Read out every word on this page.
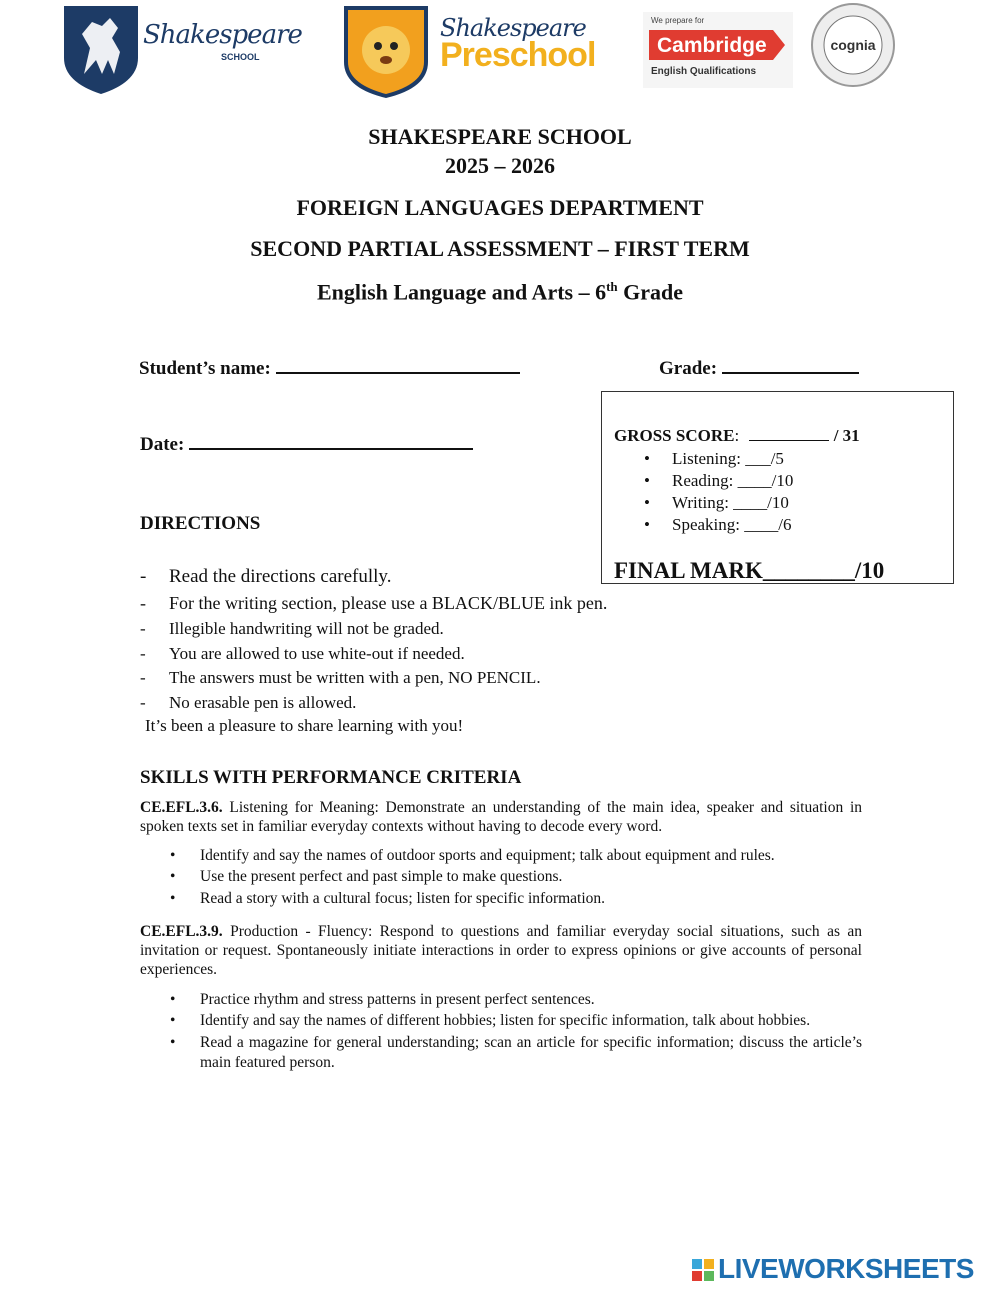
Shakespeare
SCHOOL
Shakespeare
Preschool
We prepare for
Cambridge
English Qualifications
cognia
SHAKESPEARE SCHOOL
2025 – 2026
FOREIGN LANGUAGES DEPARTMENT
SECOND PARTIAL ASSESSMENT – FIRST TERM
English Language and Arts – 6th Grade
Student’s name:	Grade:
Date:	GROSS SCORE:	/ 31
• Listening: ___/5
• Reading: ____/10
• Writing: ____/10
• Speaking: ____/6
FINAL MARK________/10
DIRECTIONS
- Read the directions carefully.
- For the writing section, please use a BLACK/BLUE ink pen.
- Illegible handwriting will not be graded.
- You are allowed to use white-out if needed.
- The answers must be written with a pen, NO PENCIL.
- No erasable pen is allowed.
It’s been a pleasure to share learning with you!
SKILLS WITH PERFORMANCE CRITERIA
CE.EFL.3.6. Listening for Meaning: Demonstrate an understanding of the main idea, speaker and situation in spoken texts set in familiar everyday contexts without having to decode every word.
• Identify and say the names of outdoor sports and equipment; talk about equipment and rules.
• Use the present perfect and past simple to make questions.
• Read a story with a cultural focus; listen for specific information.
CE.EFL.3.9. Production - Fluency: Respond to questions and familiar everyday social situations, such as an invitation or request. Spontaneously initiate interactions in order to express opinions or give accounts of personal experiences.
• Practice rhythm and stress patterns in present perfect sentences.
• Identify and say the names of different hobbies; listen for specific information, talk about hobbies.
• Read a magazine for general understanding; scan an article for specific information; discuss the article’s main featured person.
LIVEWORKSHEETS
